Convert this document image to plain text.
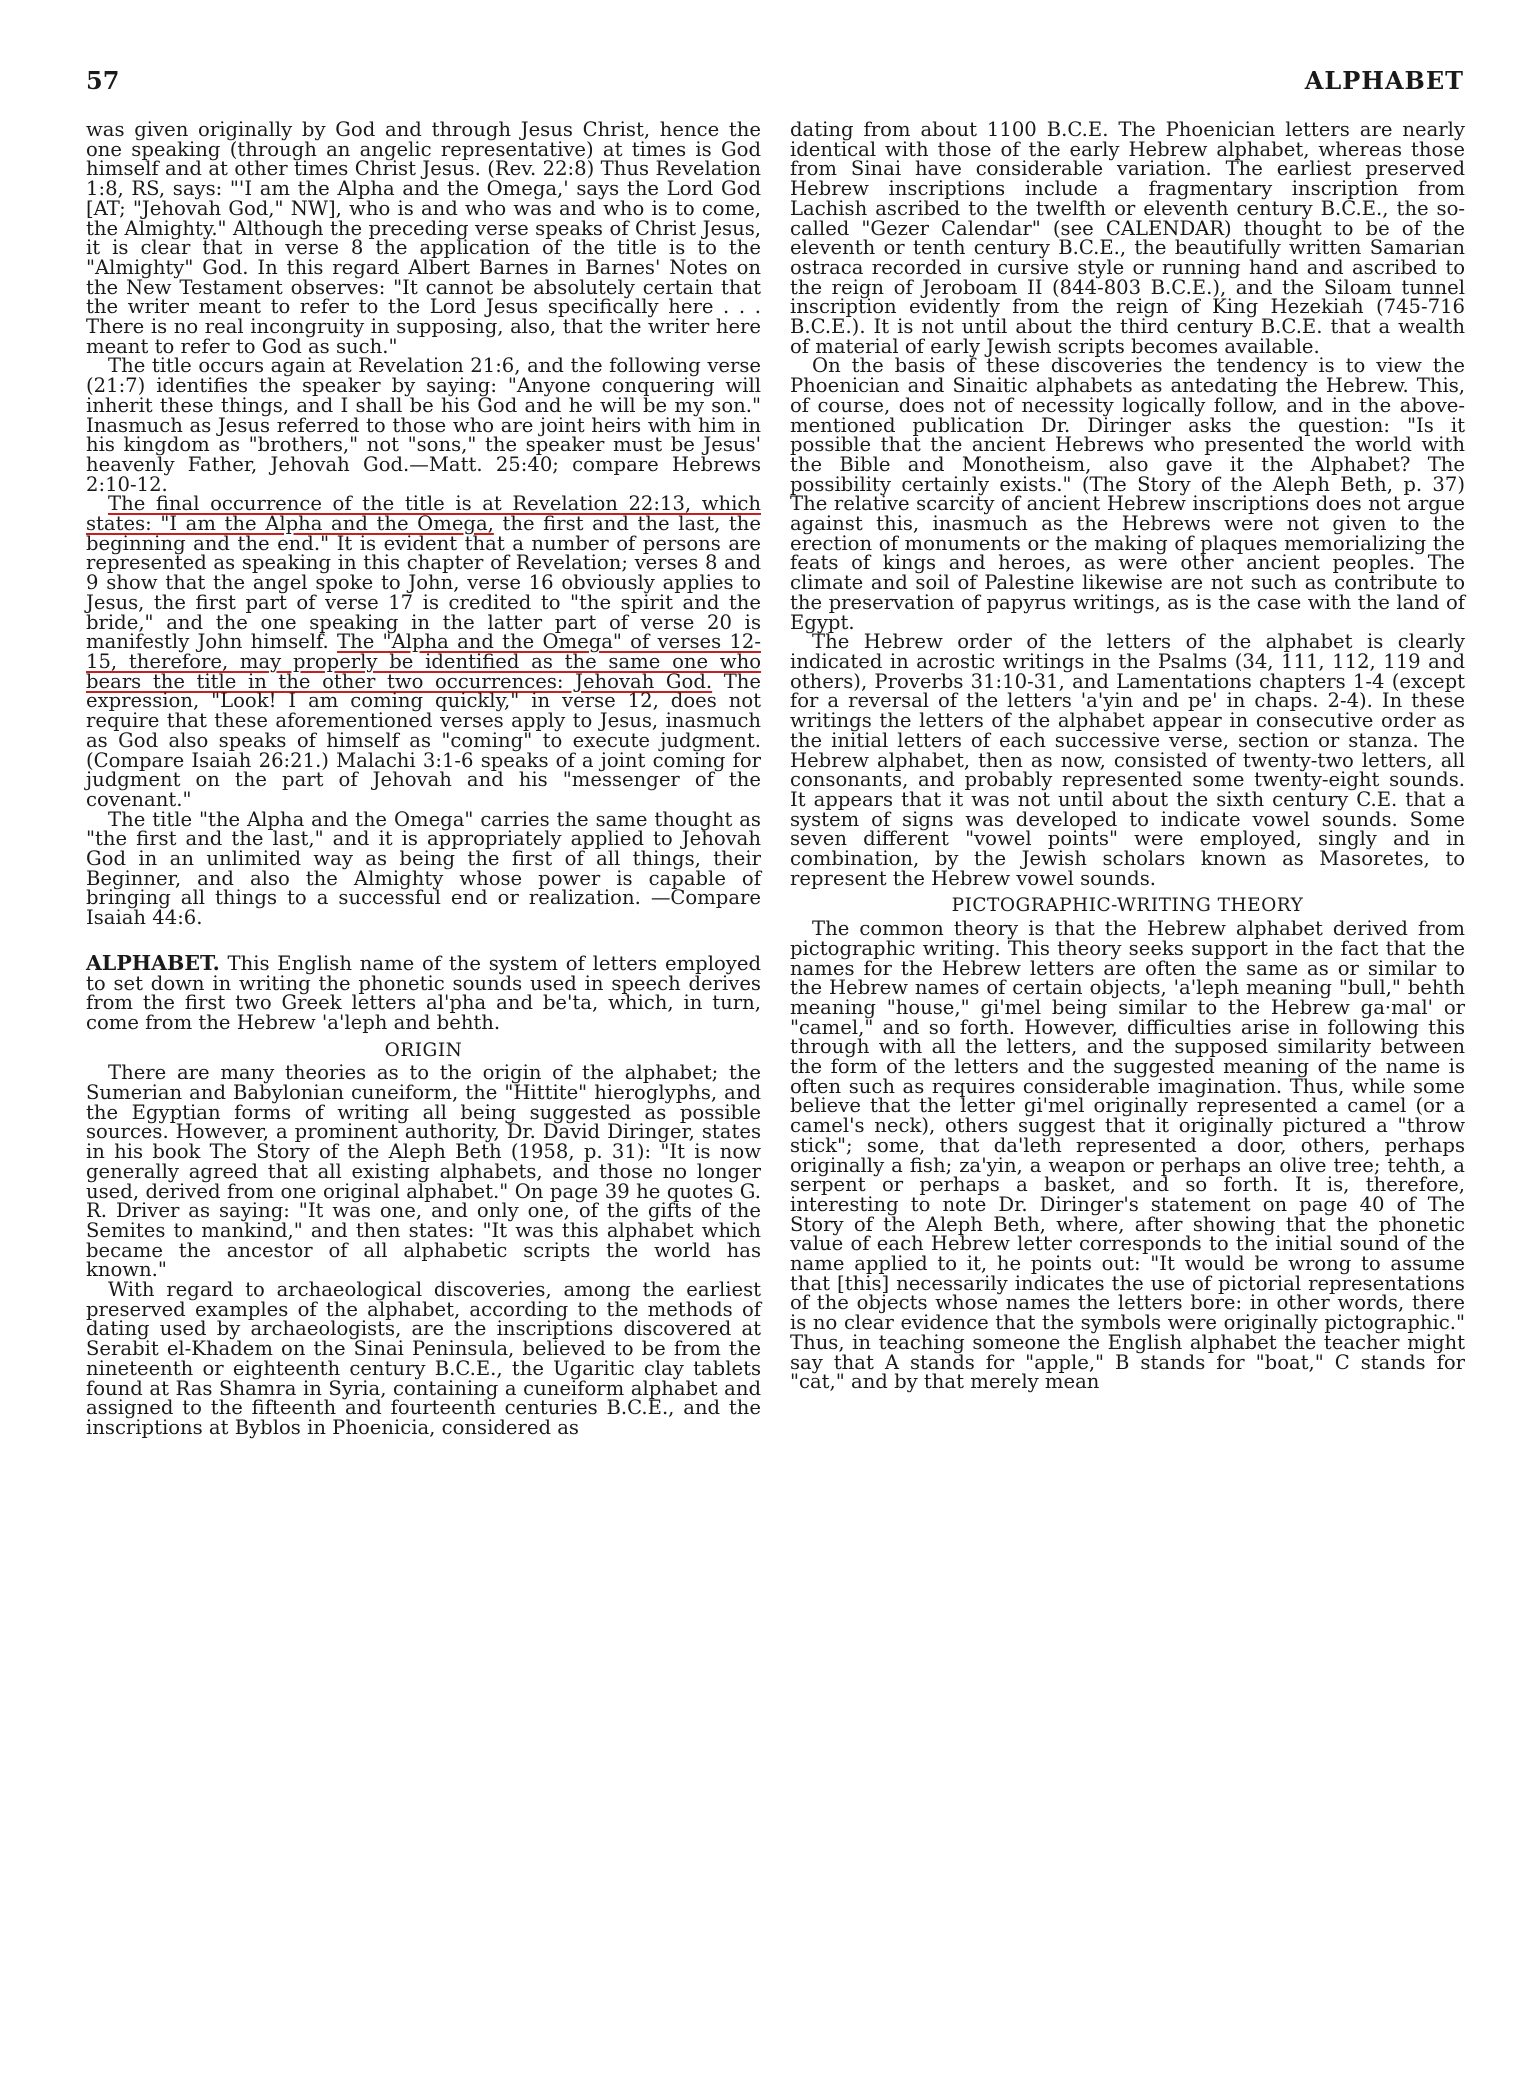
57	ALPHABET

was given originally by God and through Jesus Christ, hence the one speaking (through an angelic representative) at times is God himself and at other times Christ Jesus. (Rev. 22:8) Thus Revelation 1:8, RS, says: "'I am the Alpha and the Omega,' says the Lord God [AT; "Jehovah God," NW], who is and who was and who is to come, the Almighty." Although the preceding verse speaks of Christ Jesus, it is clear that in verse 8 the application of the title is to the "Almighty" God. In this regard Albert Barnes in Barnes' Notes on the New Testament observes: "It cannot be absolutely certain that the writer meant to refer to the Lord Jesus specifically here . . . There is no real incongruity in supposing, also, that the writer here meant to refer to God as such."

The title occurs again at Revelation 21:6, and the following verse (21:7) identifies the speaker by saying: "Anyone conquering will inherit these things, and I shall be his God and he will be my son." Inasmuch as Jesus referred to those who are joint heirs with him in his kingdom as "brothers," not "sons," the speaker must be Jesus' heavenly Father, Jehovah God.—Matt. 25:40; compare Hebrews 2:10-12.

The final occurrence of the title is at Revelation 22:13, which states: "I am the Alpha and the Omega, the first and the last, the beginning and the end." It is evident that a number of persons are represented as speaking in this chapter of Revelation; verses 8 and 9 show that the angel spoke to John, verse 16 obviously applies to Jesus, the first part of verse 17 is credited to "the spirit and the bride," and the one speaking in the latter part of verse 20 is manifestly John himself. The "Alpha and the Omega" of verses 12-15, therefore, may properly be identified as the same one who bears the title in the other two occurrences: Jehovah God. The expression, "Look! I am coming quickly," in verse 12, does not require that these aforementioned verses apply to Jesus, inasmuch as God also speaks of himself as "coming" to execute judgment. (Compare Isaiah 26:21.) Malachi 3:1-6 speaks of a joint coming for judgment on the part of Jehovah and his "messenger of the covenant."

The title "the Alpha and the Omega" carries the same thought as "the first and the last," and it is appropriately applied to Jehovah God in an unlimited way as being the first of all things, their Beginner, and also the Almighty whose power is capable of bringing all things to a successful end or realization. —Compare Isaiah 44:6.

ALPHABET. This English name of the system of letters employed to set down in writing the phonetic sounds used in speech derives from the first two Greek letters al'pha and be'ta, which, in turn, come from the Hebrew 'a'leph and behth.

ORIGIN

There are many theories as to the origin of the alphabet; the Sumerian and Babylonian cuneiform, the "Hittite" hieroglyphs, and the Egyptian forms of writing all being suggested as possible sources. However, a prominent authority, Dr. David Diringer, states in his book The Story of the Aleph Beth (1958, p. 31): "It is now generally agreed that all existing alphabets, and those no longer used, derived from one original alphabet." On page 39 he quotes G. R. Driver as saying: "It was one, and only one, of the gifts of the Semites to mankind," and then states: "It was this alphabet which became the ancestor of all alphabetic scripts the world has known."

With regard to archaeological discoveries, among the earliest preserved examples of the alphabet, according to the methods of dating used by archaeologists, are the inscriptions discovered at Serabit el-Khadem on the Sinai Peninsula, believed to be from the nineteenth or eighteenth century B.C.E., the Ugaritic clay tablets found at Ras Shamra in Syria, containing a cuneiform alphabet and assigned to the fifteenth and fourteenth centuries B.C.E., and the inscriptions at Byblos in Phoenicia, considered as

dating from about 1100 B.C.E. The Phoenician letters are nearly identical with those of the early Hebrew alphabet, whereas those from Sinai have considerable variation. The earliest preserved Hebrew inscriptions include a fragmentary inscription from Lachish ascribed to the twelfth or eleventh century B.C.E., the so-called "Gezer Calendar" (see CALENDAR) thought to be of the eleventh or tenth century B.C.E., the beautifully written Samarian ostraca recorded in cursive style or running hand and ascribed to the reign of Jeroboam II (844-803 B.C.E.), and the Siloam tunnel inscription evidently from the reign of King Hezekiah (745-716 B.C.E.). It is not until about the third century B.C.E. that a wealth of material of early Jewish scripts becomes available.

On the basis of these discoveries the tendency is to view the Phoenician and Sinaitic alphabets as antedating the Hebrew. This, of course, does not of necessity logically follow, and in the above-mentioned publication Dr. Diringer asks the question: "Is it possible that the ancient Hebrews who presented the world with the Bible and Monotheism, also gave it the Alphabet? The possibility certainly exists." (The Story of the Aleph Beth, p. 37) The relative scarcity of ancient Hebrew inscriptions does not argue against this, inasmuch as the Hebrews were not given to the erection of monuments or the making of plaques memorializing the feats of kings and heroes, as were other ancient peoples. The climate and soil of Palestine likewise are not such as contribute to the preservation of papyrus writings, as is the case with the land of Egypt.

The Hebrew order of the letters of the alphabet is clearly indicated in acrostic writings in the Psalms (34, 111, 112, 119 and others), Proverbs 31:10-31, and Lamentations chapters 1-4 (except for a reversal of the letters 'a'yin and pe' in chaps. 2-4). In these writings the letters of the alphabet appear in consecutive order as the initial letters of each successive verse, section or stanza. The Hebrew alphabet, then as now, consisted of twenty-two letters, all consonants, and probably represented some twenty-eight sounds. It appears that it was not until about the sixth century C.E. that a system of signs was developed to indicate vowel sounds. Some seven different "vowel points" were employed, singly and in combination, by the Jewish scholars known as Masoretes, to represent the Hebrew vowel sounds.

PICTOGRAPHIC-WRITING THEORY

The common theory is that the Hebrew alphabet derived from pictographic writing. This theory seeks support in the fact that the names for the Hebrew letters are often the same as or similar to the Hebrew names of certain objects, 'a'leph meaning "bull," behth meaning "house," gi'mel being similar to the Hebrew ga·mal' or "camel," and so forth. However, difficulties arise in following this through with all the letters, and the supposed similarity between the form of the letters and the suggested meaning of the name is often such as requires considerable imagination. Thus, while some believe that the letter gi'mel originally represented a camel (or a camel's neck), others suggest that it originally pictured a "throw stick"; some, that da'leth represented a door, others, perhaps originally a fish; za'yin, a weapon or perhaps an olive tree; tehth, a serpent or perhaps a basket, and so forth. It is, therefore, interesting to note Dr. Diringer's statement on page 40 of The Story of the Aleph Beth, where, after showing that the phonetic value of each Hebrew letter corresponds to the initial sound of the name applied to it, he points out: "It would be wrong to assume that [this] necessarily indicates the use of pictorial representations of the objects whose names the letters bore: in other words, there is no clear evidence that the symbols were originally pictographic." Thus, in teaching someone the English alphabet the teacher might say that A stands for "apple," B stands for "boat," C stands for "cat," and by that merely mean
